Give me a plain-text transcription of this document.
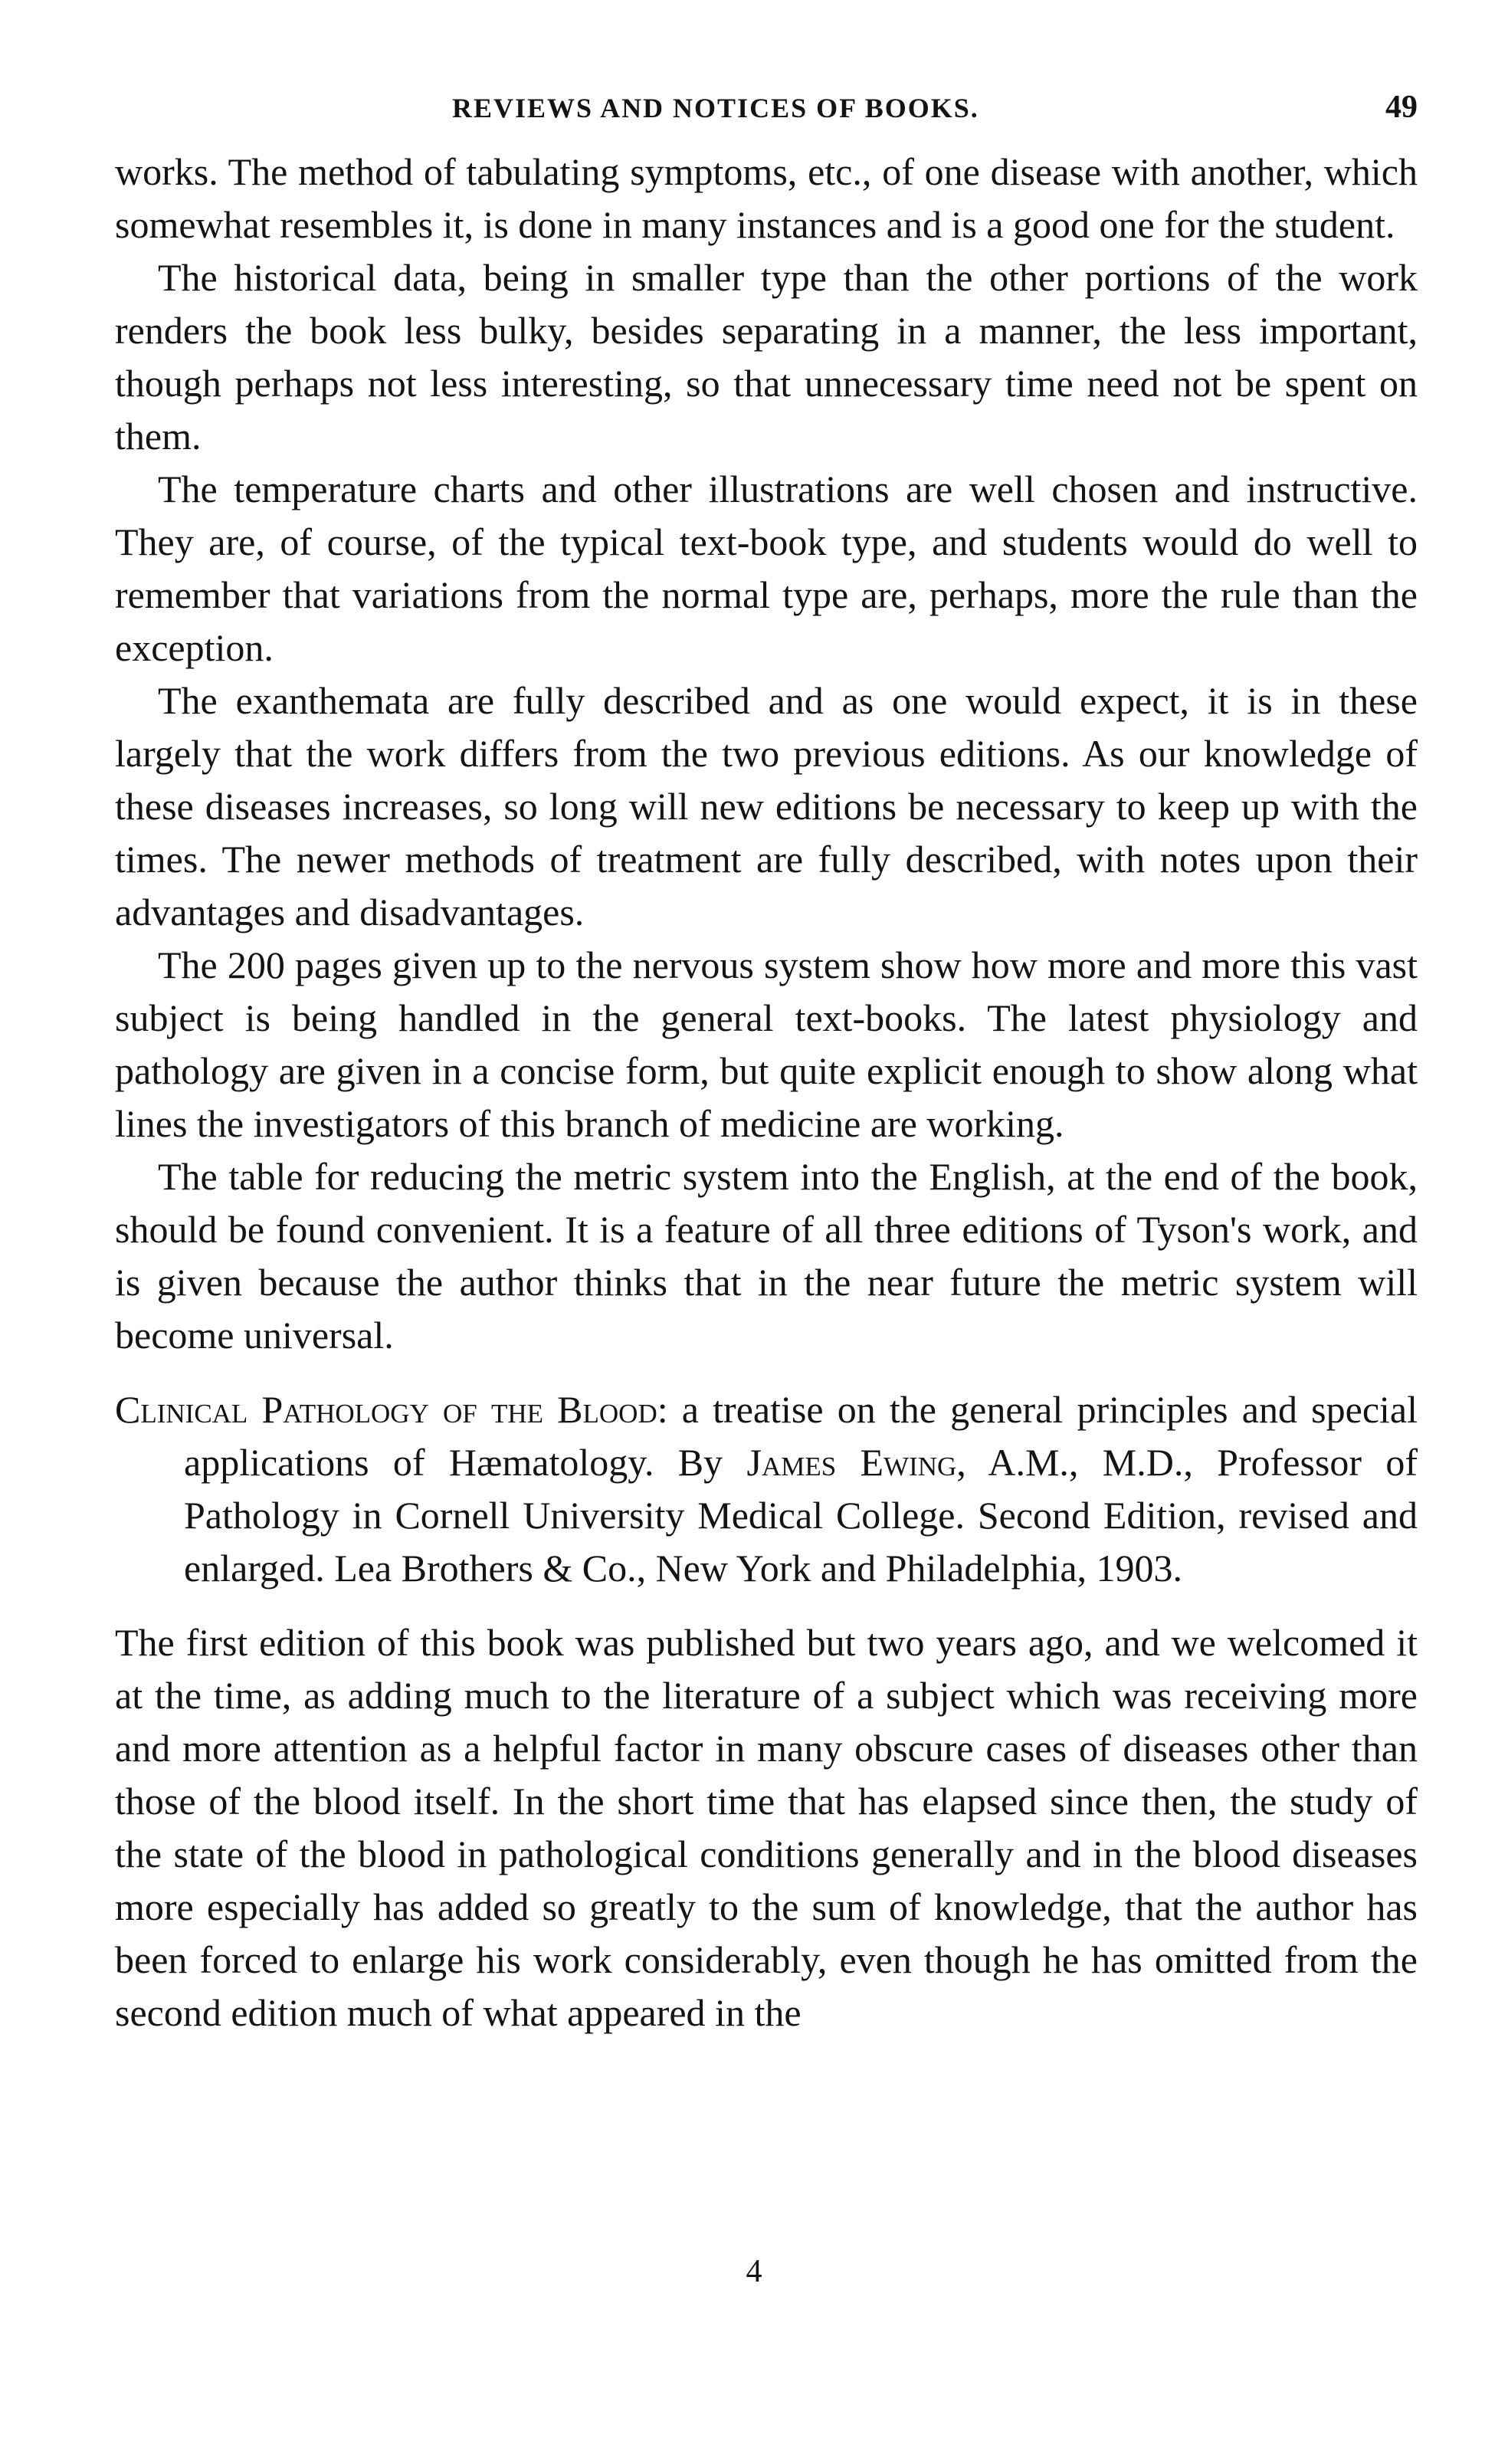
REVIEWS AND NOTICES OF BOOKS.	49

works. The method of tabulating symptoms, etc., of one disease with another, which somewhat resembles it, is done in many instances and is a good one for the student.

The historical data, being in smaller type than the other portions of the work renders the book less bulky, besides separating in a manner, the less important, though perhaps not less interesting, so that unnecessary time need not be spent on them.

The temperature charts and other illustrations are well chosen and instructive. They are, of course, of the typical text-book type, and students would do well to remember that variations from the normal type are, perhaps, more the rule than the exception.

The exanthemata are fully described and as one would expect, it is in these largely that the work differs from the two previous editions. As our knowledge of these diseases increases, so long will new editions be necessary to keep up with the times. The newer methods of treatment are fully described, with notes upon their advantages and disadvantages.

The 200 pages given up to the nervous system show how more and more this vast subject is being handled in the general text-books. The latest physiology and pathology are given in a concise form, but quite explicit enough to show along what lines the investigators of this branch of medicine are working.

The table for reducing the metric system into the English, at the end of the book, should be found convenient. It is a feature of all three editions of Tyson's work, and is given because the author thinks that in the near future the metric system will become universal.

Clinical Pathology of the Blood: a treatise on the general principles and special applications of Hæmatology. By James Ewing, A.M., M.D., Professor of Pathology in Cornell University Medical College. Second Edition, revised and enlarged. Lea Brothers & Co., New York and Philadelphia, 1903.

The first edition of this book was published but two years ago, and we welcomed it at the time, as adding much to the literature of a subject which was receiving more and more attention as a helpful factor in many obscure cases of diseases other than those of the blood itself. In the short time that has elapsed since then, the study of the state of the blood in pathological conditions generally and in the blood diseases more especially has added so greatly to the sum of knowledge, that the author has been forced to enlarge his work considerably, even though he has omitted from the second edition much of what appeared in the

4
